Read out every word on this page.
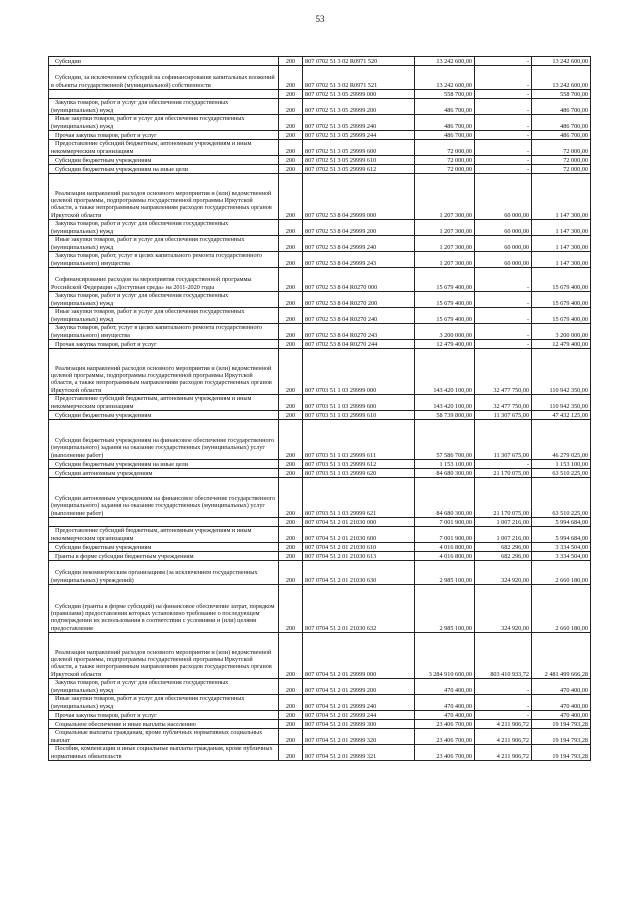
53
Субсидии	200	807 0702 51 3 02 R0971 520	13 242 600,00	-	13 242 600,00
Субсидии, за исключением субсидий на софинансирование капитальных вложений в объекты государственной (муниципальной) собственности	200	807 0702 51 3 02 R0971 521	13 242 600,00	-	13 242 600,00
	200	807 0702 51 3 05 29999 000	558 700,00	-	558 700,00
Закупка товаров, работ и услуг для обеспечения государственных (муниципальных) нужд	200	807 0702 51 3 05 29999 200	486 700,00	-	486 700,00
Иные закупки товаров, работ и услуг для обеспечения государственных (муниципальных) нужд	200	807 0702 51 3 05 29999 240	486 700,00	-	486 700,00
Прочая закупка товаров, работ и услуг	200	807 0702 51 3 05 29999 244	486 700,00	-	486 700,00
Предоставление субсидий бюджетным, автономным учреждениям и иным некоммерческим организациям	200	807 0702 51 3 05 29999 600	72 000,00	-	72 000,00
Субсидии бюджетным учреждениям	200	807 0702 51 3 05 29999 610	72 000,00	-	72 000,00
Субсидии бюджетным учреждениям на иные цели	200	807 0702 51 3 05 29999 612	72 000,00	-	72 000,00
Реализация направлений расходов основного мероприятия и (или) ведомственной целевой программы, подпрограммы государственной программы Иркутской области, а также непрограммным направлениям расходов государственных органов Иркутской области	200	807 0702 53 8 04 29999 000	1 207 300,00	60 000,00	1 147 300,00
Закупка товаров, работ и услуг для обеспечения государственных (муниципальных) нужд	200	807 0702 53 8 04 29999 200	1 207 300,00	60 000,00	1 147 300,00
Иные закупки товаров, работ и услуг для обеспечения государственных (муниципальных) нужд	200	807 0702 53 8 04 29999 240	1 207 300,00	60 000,00	1 147 300,00
Закупка товаров, работ, услуг в целях капитального ремонта государственного (муниципального) имущества	200	807 0702 53 8 04 29999 243	1 207 300,00	60 000,00	1 147 300,00
Софинансирование расходов на мероприятия государственной программы Российской Федерации «Доступная среда» на 2011-2020 годы	200	807 0702 53 8 04 R0270 000	15 679 400,00	-	15 679 400,00
Закупка товаров, работ и услуг для обеспечения государственных (муниципальных) нужд	200	807 0702 53 8 04 R0270 200	15 679 400,00	-	15 679 400,00
Иные закупки товаров, работ и услуг для обеспечения государственных (муниципальных) нужд	200	807 0702 53 8 04 R0270 240	15 679 400,00	-	15 679 400,00
Закупка товаров, работ, услуг в целях капитального ремонта государственного (муниципального) имущества	200	807 0702 53 8 04 R0270 243	3 200 000,00	-	3 200 000,00
Прочая закупка товаров, работ и услуг	200	807 0702 53 8 04 R0270 244	12 479 400,00	-	12 479 400,00
Реализация направлений расходов основного мероприятия и (или) ведомственной целевой программы, подпрограммы государственной программы Иркутской области, а также непрограммным направлениям расходов государственных органов Иркутской области	200	807 0703 51 1 03 29999 000	143 420 100,00	32 477 750,00	110 942 350,00
Предоставление субсидий бюджетным, автономным учреждениям и иным некоммерческим организациям	200	807 0703 51 1 03 29999 600	143 420 100,00	32 477 750,00	110 942 350,00
Субсидии бюджетным учреждениям	200	807 0703 51 1 03 29999 610	58 739 800,00	11 307 675,00	47 432 125,00
Субсидии бюджетным учреждениям на финансовое обеспечение государственного (муниципального) задания на оказание государственных (муниципальных) услуг (выполнение работ)	200	807 0703 51 1 03 29999 611	57 586 700,00	11 307 675,00	46 279 025,00
Субсидии бюджетным учреждениям на иные цели	200	807 0703 51 1 03 29999 612	1 153 100,00	-	1 153 100,00
Субсидии автономным учреждениям	200	807 0703 51 1 03 29999 620	84 680 300,00	21 170 075,00	63 510 225,00
Субсидии автономным учреждениям на финансовое обеспечение государственного (муниципального) задания на оказание государственных (муниципальных) услуг (выполнение работ)	200	807 0703 51 1 03 29999 621	84 680 300,00	21 170 075,00	63 510 225,00
	200	807 0704 51 2 01 21030 000	7 001 900,00	1 007 216,00	5 994 684,00
Предоставление субсидий бюджетным, автономным учреждениям и иным некоммерческим организациям	200	807 0704 51 2 01 21030 600	7 001 900,00	1 007 216,00	5 994 684,00
Субсидии бюджетным учреждениям	200	807 0704 51 2 01 21030 610	4 016 800,00	682 296,00	3 334 504,00
Гранты в форме субсидии бюджетным учреждениям	200	807 0704 51 2 01 21030 613	4 016 800,00	682 296,00	3 334 504,00
Субсидии некоммерческим организациям (за исключением государственных (муниципальных) учреждений)	200	807 0704 51 2 01 21030 630	2 985 100,00	324 920,00	2 660 180,00
Субсидии (гранты в форме субсидий) на финансовое обеспечение затрат, порядком (правилами) предоставления которых установлено требование о последующем подтверждении их использования в соответствии с условиями и (или) целями предоставления	200	807 0704 51 2 01 21030 632	2 985 100,00	324 920,00	2 660 180,00
Реализация направлений расходов основного мероприятия и (или) ведомственной целевой программы, подпрограммы государственной программы Иркутской области, а также непрограммным направлениям расходов государственных органов Иркутской области	200	807 0704 51 2 01 29999 000	3 284 910 600,00	803 410 933,72	2 481 499 666,28
Закупка товаров, работ и услуг для обеспечения государственных (муниципальных) нужд	200	807 0704 51 2 01 29999 200	470 400,00	-	470 400,00
Иные закупки товаров, работ и услуг для обеспечения государственных (муниципальных) нужд	200	807 0704 51 2 01 29999 240	470 400,00	-	470 400,00
Прочая закупка товаров, работ и услуг	200	807 0704 51 2 01 29999 244	470 400,00	-	470 400,00
Социальное обеспечение и иные выплаты населению	200	807 0704 51 2 01 29999 300	23 406 700,00	4 211 906,72	19 194 793,28
Социальные выплаты гражданам, кроме публичных нормативных социальных выплат	200	807 0704 51 2 01 29999 320	23 406 700,00	4 211 906,72	19 194 793,28
Пособия, компенсации и иные социальные выплаты гражданам, кроме публичных нормативных обязательств	200	807 0704 51 2 01 29999 321	23 406 700,00	4 211 906,72	19 194 793,28
